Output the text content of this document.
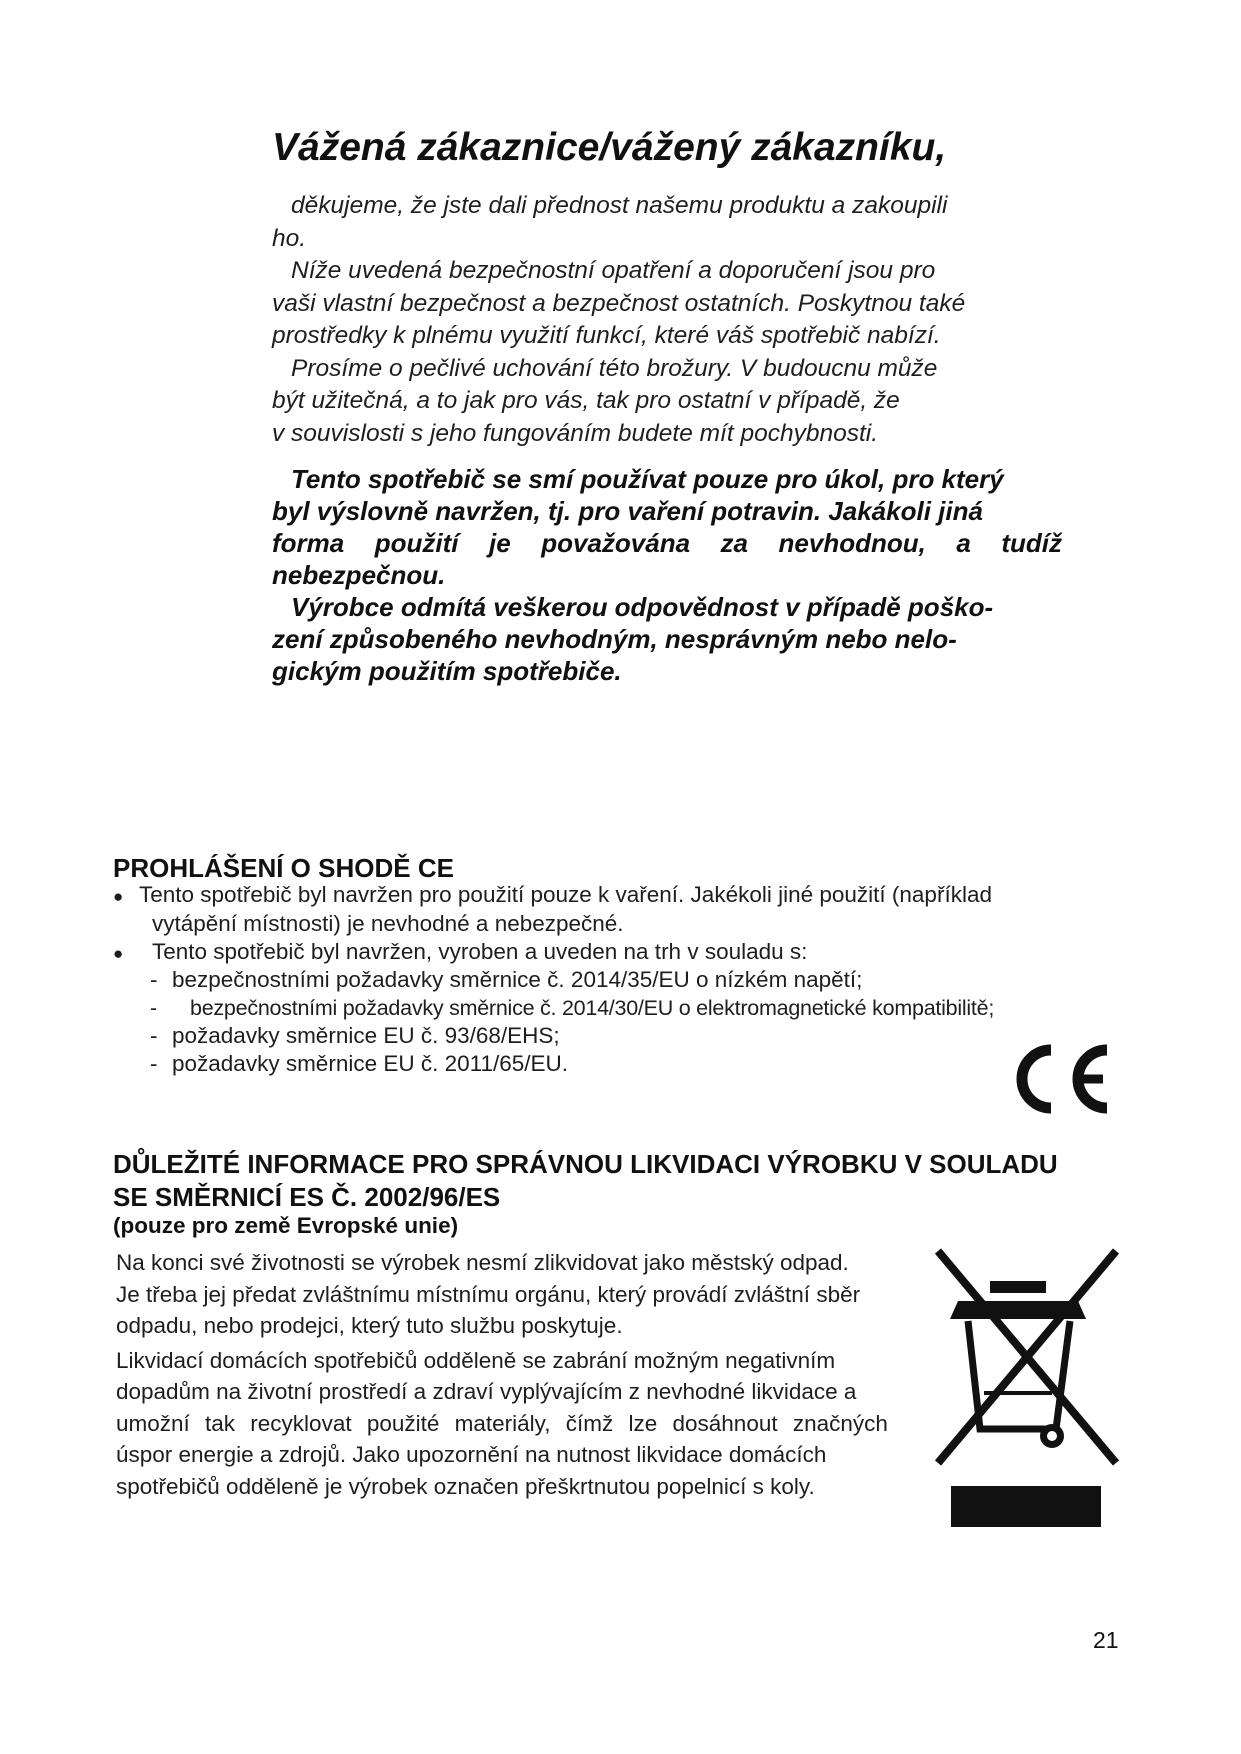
Vážená zákaznice/vážený zákazníku,

děkujeme, že jste dali přednost našemu produktu a zakoupili
ho.

Níže uvedená bezpečnostní opatření a doporučení jsou pro
vaši vlastní bezpečnost a bezpečnost ostatních. Poskytnou také
prostředky k plnému využití funkcí, které váš spotřebič nabízí.

Prosíme o pečlivé uchování této brožury. V budoucnu může
být užitečná, a to jak pro vás, tak pro ostatní v případě, že
v souvislosti s jeho fungováním budete mít pochybnosti.

Tento spotřebič se smí používat pouze pro úkol, pro který
byl výslovně navržen, tj. pro vaření potravin. Jakákoli jiná

forma použití je považována za nevhodnou, a tudíž
nebezpečnou.

Výrobce odmítá veškerou odpovědnost v případě poško-
zení způsobeného nevhodným, nesprávným nebo nelo-
gickým použitím spotřebiče.

PROHLÁŠENÍ O SHODĚ CE
● Tento spotřebič byl navržen pro použití pouze k vaření. Jakékoli jiné použití (například
vytápění místnosti) je nevhodné a nebezpečné.
● Tento spotřebič byl navržen, vyroben a uveden na trh v souladu s:
- bezpečnostními požadavky směrnice č. 2014/35/EU o nízkém napětí;
- bezpečnostními požadavky směrnice č. 2014/30/EU o elektromagnetické kompatibilitě;
- požadavky směrnice EU č. 93/68/EHS;
- požadavky směrnice EU č. 2011/65/EU.
DŮLEŽITÉ INFORMACE PRO SPRÁVNOU LIKVIDACI VÝROBKU V SOULADU
SE SMĚRNICÍ ES Č. 2002/96/ES
(pouze pro země Evropské unie)
Na konci své životnosti se výrobek nesmí zlikvidovat jako městský odpad.
Je třeba jej předat zvláštnímu místnímu orgánu, který provádí zvláštní sběr
odpadu, nebo prodejci, který tuto službu poskytuje.
Likvidací domácích spotřebičů odděleně se zabrání možným negativním
dopadům na životní prostředí a zdraví vyplývajícím z nevhodné likvidace a
umožní tak recyklovat použité materiály, čímž lze dosáhnout značných
úspor energie a zdrojů. Jako upozornění na nutnost likvidace domácích
spotřebičů odděleně je výrobek označen přeškrtnutou popelnicí s koly.
21
